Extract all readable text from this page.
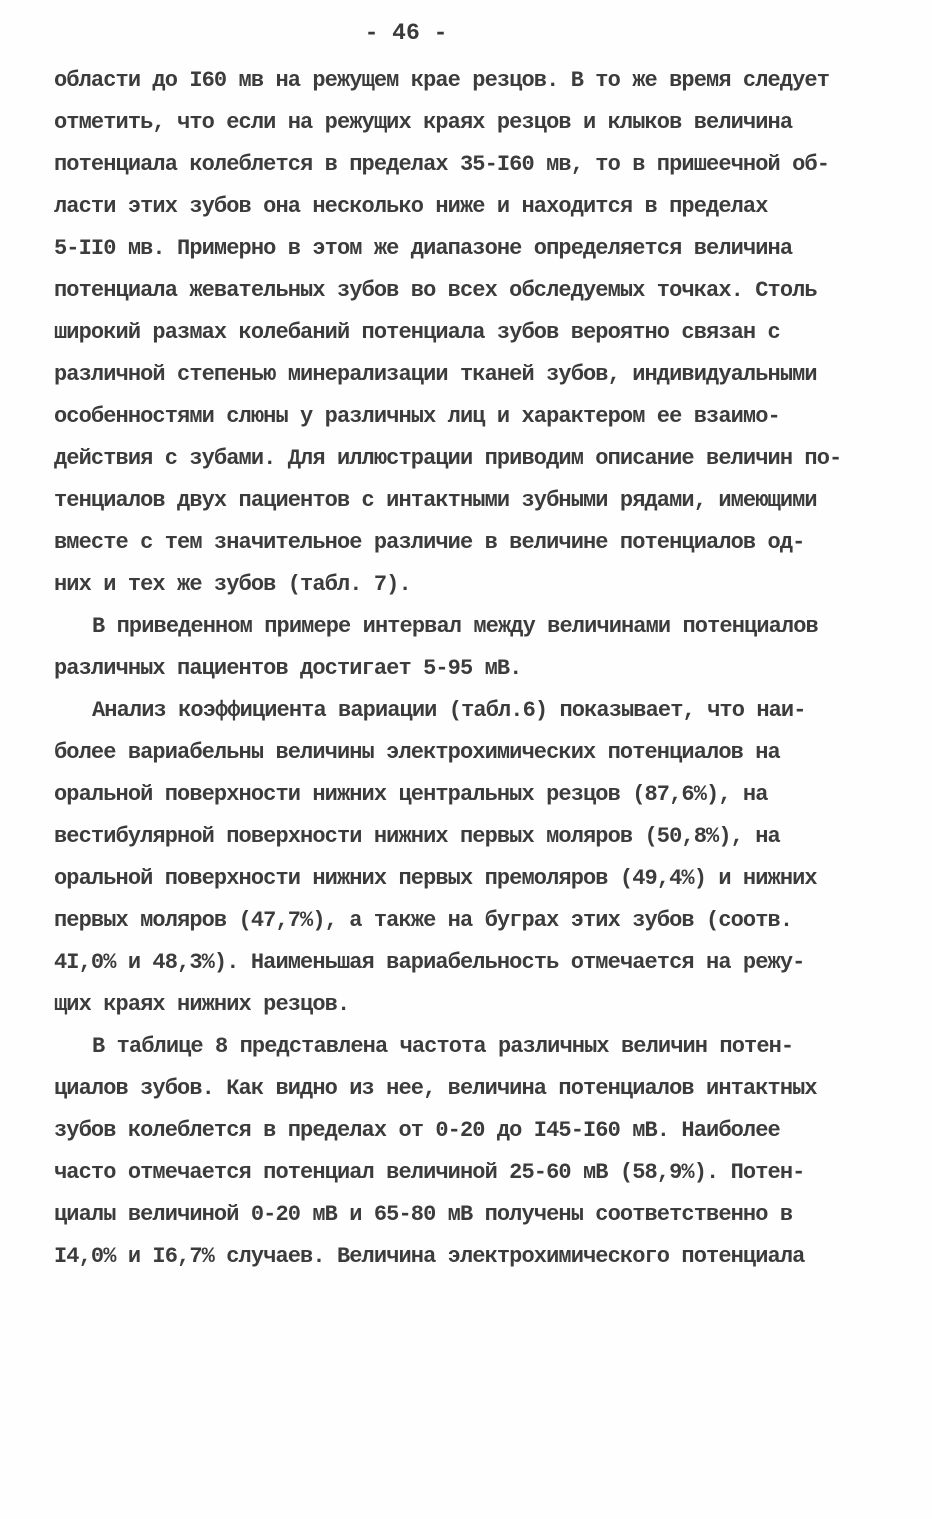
- 46 -
области до I60 мв на режущем крае резцов. В то же время следует
отметить, что если на режущих краях резцов и клыков величина
потенциала колеблется в пределах 35-I60 мв, то в пришеечной об-
ласти этих зубов она несколько ниже и находится в пределах
5-II0 мв. Примерно в этом же диапазоне определяется величина
потенциала жевательных зубов во всех обследуемых точках. Столь
широкий размах колебаний потенциала зубов вероятно связан с
различной степенью минерализации тканей зубов, индивидуальными
особенностями слюны у различных лиц и характером ее взаимо-
действия с зубами. Для иллюстрации приводим описание величин по-
тенциалов двух пациентов с интактными зубными рядами, имеющими
вместе с тем значительное различие в величине потенциалов од-
них и тех же зубов (табл. 7).
В приведенном примере интервал между величинами потенциалов
различных пациентов достигает 5-95 мВ.
Анализ коэффициента вариации (табл.6) показывает, что наи-
более вариабельны величины электрохимических потенциалов на
оральной поверхности нижних центральных резцов (87,6%), на
вестибулярной поверхности нижних первых моляров (50,8%), на
оральной поверхности нижних первых премоляров (49,4%) и нижних
первых моляров (47,7%), а также на буграх этих зубов (соотв.
4I,0% и 48,3%). Наименьшая вариабельность отмечается на режу-
щих краях нижних резцов.
В таблице 8 представлена частота различных величин потен-
циалов зубов. Как видно из нее, величина потенциалов интактных
зубов колеблется в пределах от 0-20 до I45-I60 мВ. Наиболее
часто отмечается потенциал величиной 25-60 мВ (58,9%). Потен-
циалы величиной 0-20 мВ и 65-80 мВ получены соответственно в
I4,0% и I6,7% случаев. Величина электрохимического потенциала
